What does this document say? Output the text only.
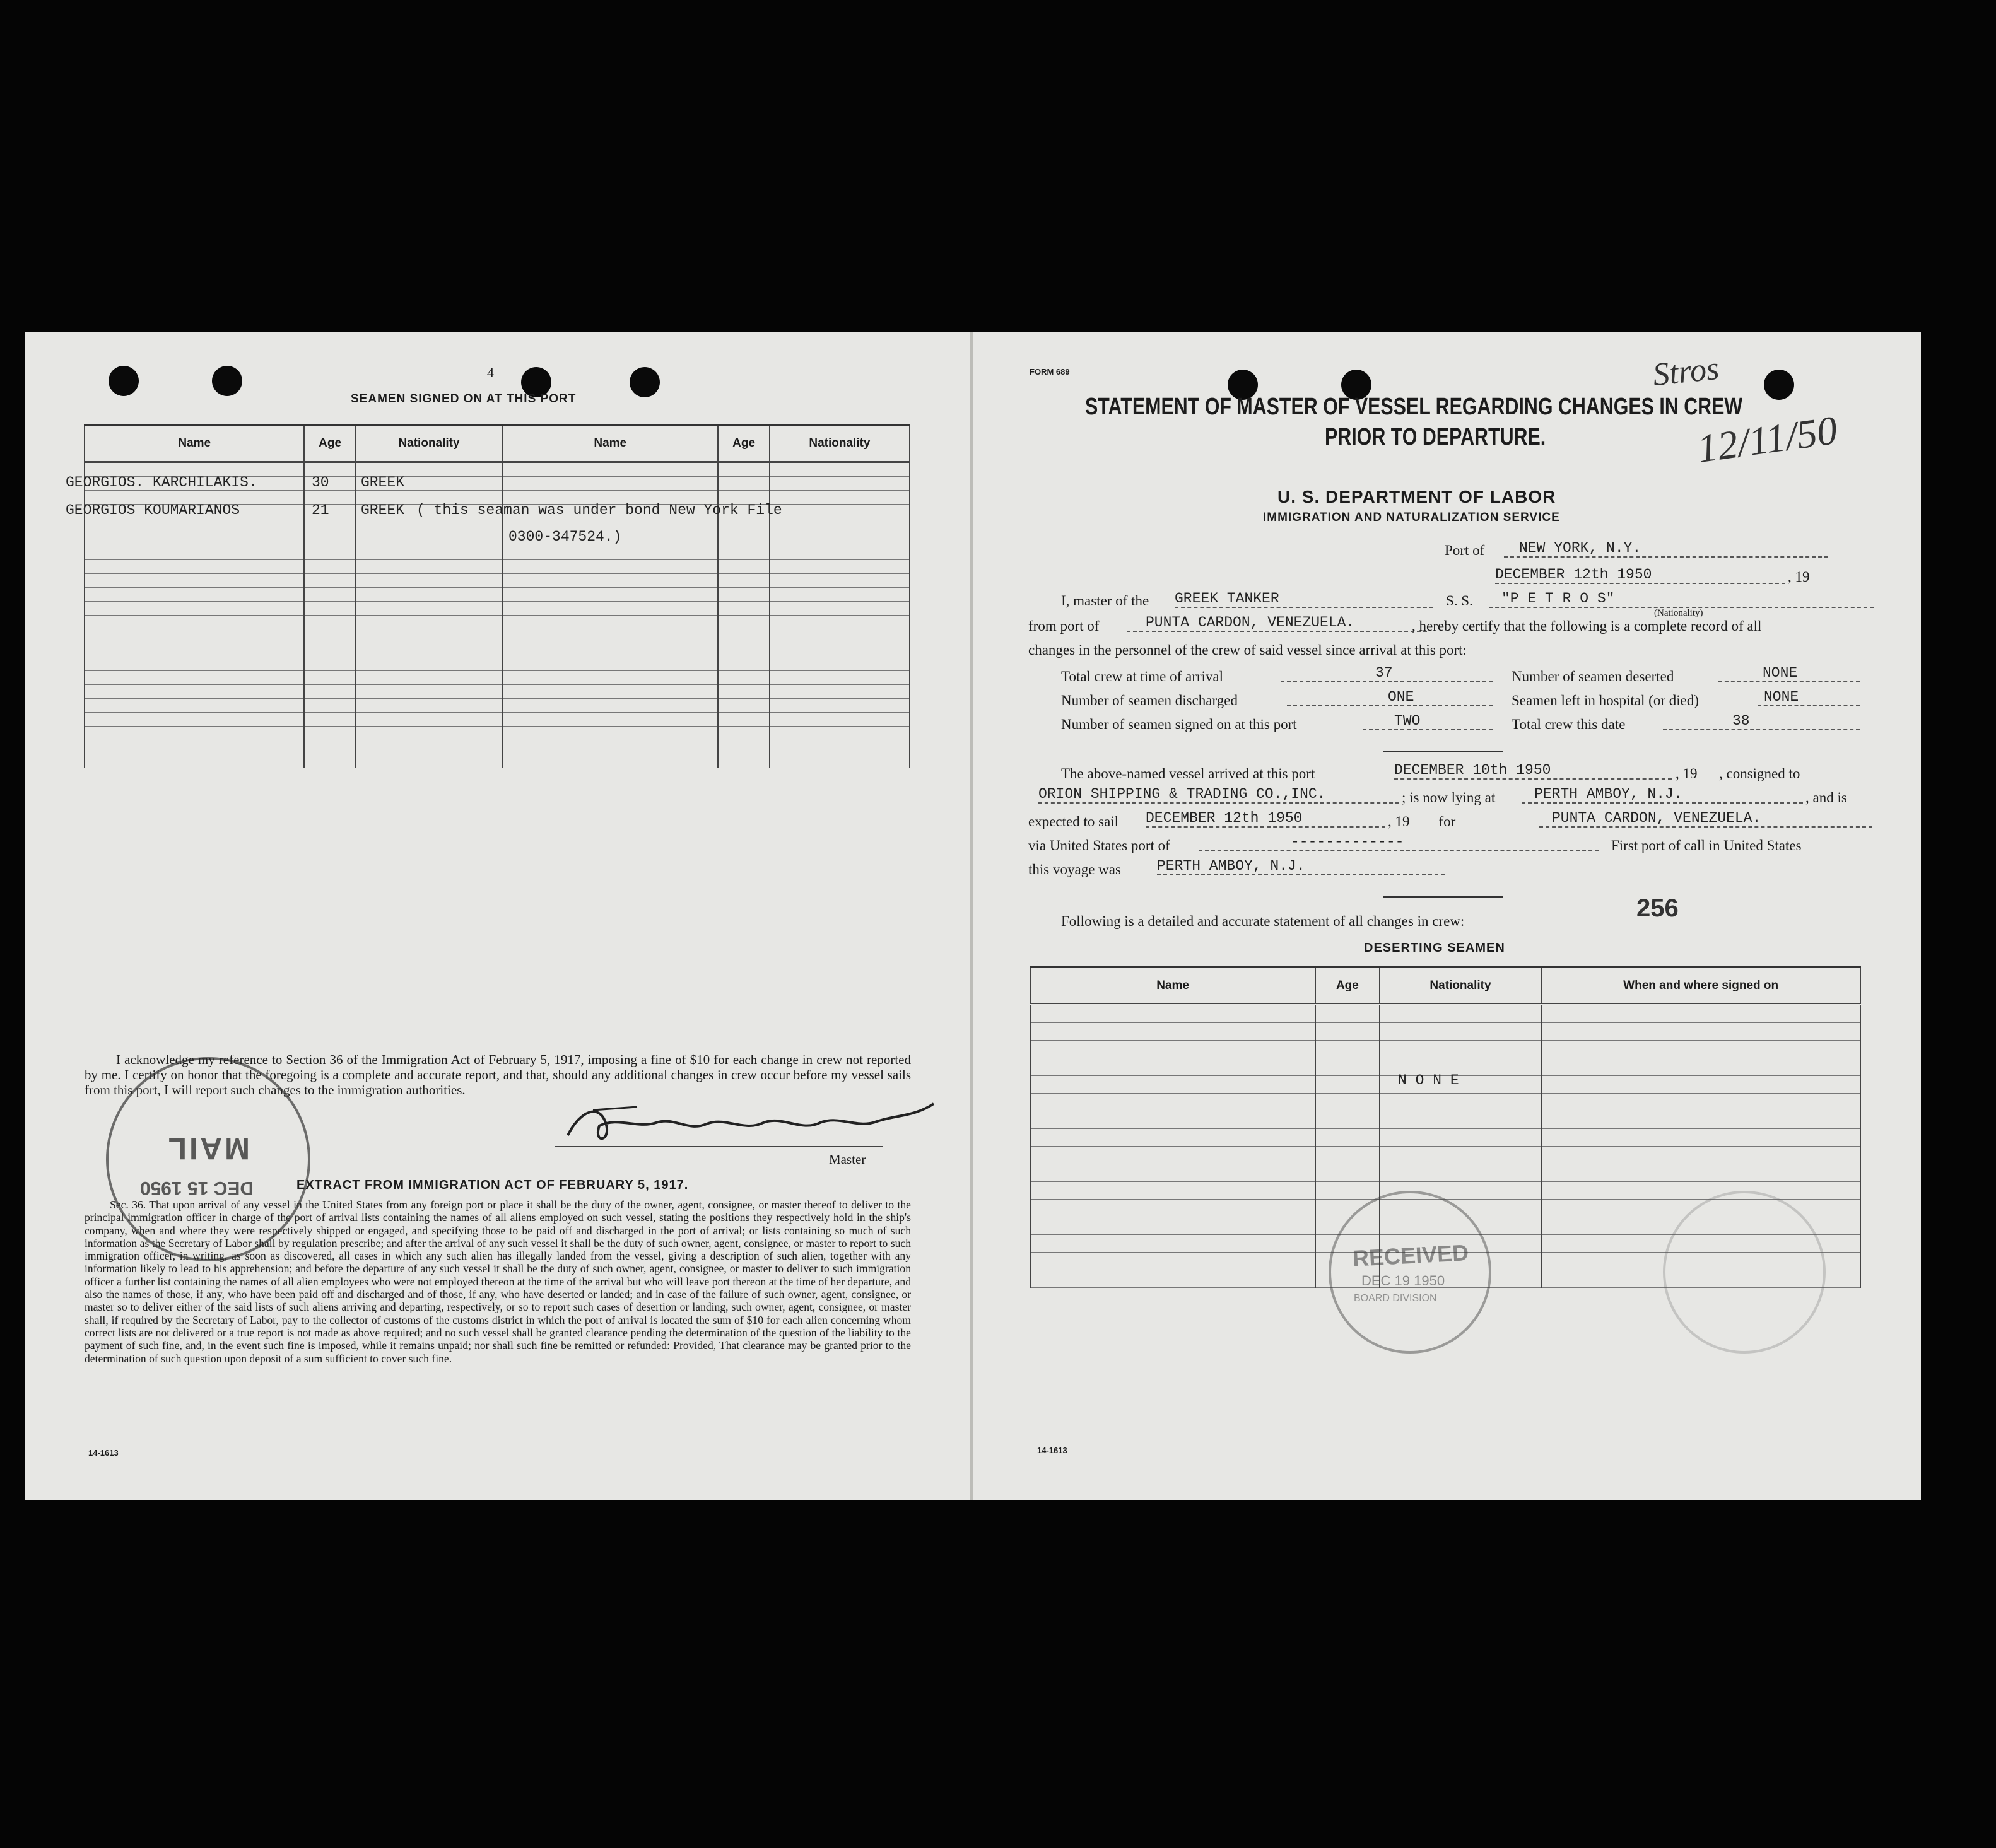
4
SEAMEN SIGNED ON AT THIS PORT
Name	Age	Nationality	Name	Age	Nationality

GEORGIOS. KARCHILAKIS.	30 GREEK
GEORGIOS KOUMARIANOS	21 GREEK ( this seaman was under bond New York File
0300-347524.)
I acknowledge my reference to Section 36 of the Immigration Act of February 5, 1917, imposing a fine of $10 for each change in crew not reported by me. I certify on honor that the foregoing is a complete and accurate report, and that, should any additional changes in crew occur before my vessel sails from this port, I will report such changes to the immigration authorities.
Master
EXTRACT FROM IMMIGRATION ACT OF FEBRUARY 5, 1917.
Sec. 36. That upon arrival of any vessel in the United States from any foreign port or place it shall be the duty of the owner, agent, consignee, or master thereof to deliver to the principal immigration officer in charge of the port of arrival lists containing the names of all aliens employed on such vessel, stating the positions they respectively hold in the ship's company, when and where they were respectively shipped or engaged, and specifying those to be paid off and discharged in the port of arrival; or lists containing so much of such information as the Secretary of Labor shall by regulation prescribe; and after the arrival of any such vessel it shall be the duty of such owner, agent, consignee, or master to report to such immigration officer, in writing, as soon as discovered, all cases in which any such alien has illegally landed from the vessel, giving a description of such alien, together with any information likely to lead to his apprehension; and before the departure of any such vessel it shall be the duty of such owner, agent, consignee, or master to deliver to such immigration officer a further list containing the names of all alien employees who were not employed thereon at the time of the arrival but who will leave port thereon at the time of her departure, and also the names of those, if any, who have been paid off and discharged and of those, if any, who have deserted or landed; and in case of the failure of such owner, agent, consignee, or master so to deliver either of the said lists of such aliens arriving and departing, respectively, or so to report such cases of desertion or landing, such owner, agent, consignee, or master shall, if required by the Secretary of Labor, pay to the collector of customs of the customs district in which the port of arrival is located the sum of $10 for each alien concerning whom correct lists are not delivered or a true report is not made as above required; and no such vessel shall be granted clearance pending the determination of the question of the liability to the payment of such fine, and, in the event such fine is imposed, while it remains unpaid; nor shall such fine be remitted or refunded: Provided, That clearance may be granted prior to the determination of such question upon deposit of a sum sufficient to cover such fine.
14-1613
MAIL
DEC 15 1950
FORM 689	Stros
12/11/50
STATEMENT OF MASTER OF VESSEL REGARDING CHANGES IN CREW
PRIOR TO DEPARTURE.
U. S. DEPARTMENT OF LABOR
IMMIGRATION AND NATURALIZATION SERVICE
Port of	NEW YORK, N.Y.
DECEMBER 12th 1950	, 19
I, master of the GREEK TANKER	S. S.	"P E T R O S"
(Nationality)
from port of	PUNTA CARDON, VENEZUELA.	, hereby certify that the following is a complete record of all
changes in the personnel of the crew of said vessel since arrival at this port:
Total crew at time of arrival	37	Number of seamen deserted	NONE
Number of seamen discharged	ONE	Seamen left in hospital (or died)	NONE
Number of seamen signed on at this port	TWO	Total crew this date	38
The above-named vessel arrived at this port	DECEMBER 10th 1950	, 19      , consigned to
ORION SHIPPING & TRADING CO.,INC.	; is now lying at	PERTH AMBOY, N.J.	, and is
expected to sail DECEMBER 12th 1950	, 19        for	PUNTA CARDON, VENEZUELA.
via United States port of	-------------	First port of call in United States
this voyage was PERTH AMBOY, N.J.
Following is a detailed and accurate statement of all changes in crew:	256
DESERTING SEAMEN
Name	Age	Nationality	When and where signed on

N O N E
RECEIVED
DEC 19 1950
BOARD DIVISION
14-1613
